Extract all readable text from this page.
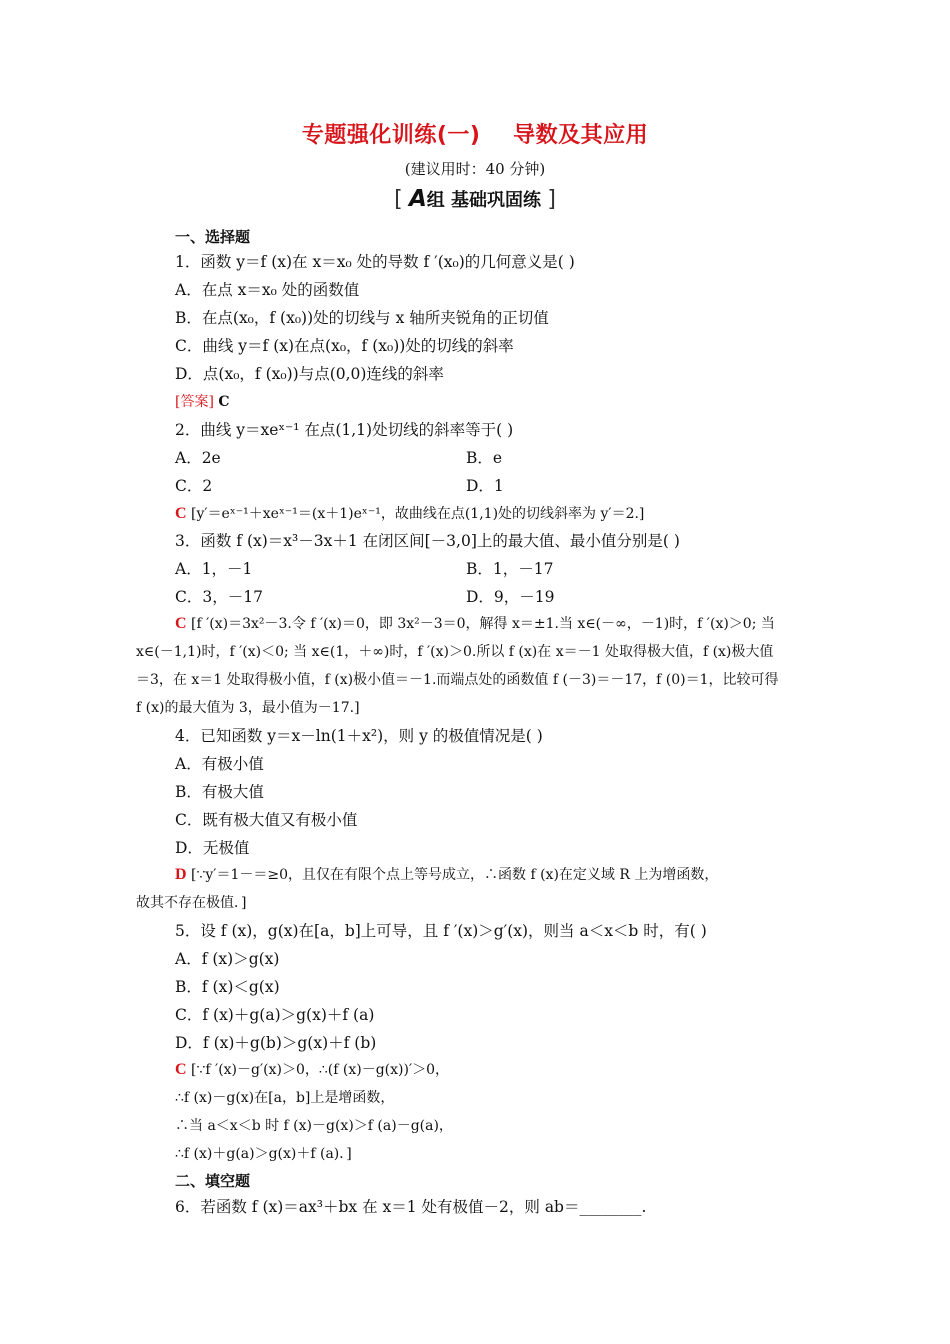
专题强化训练(一)    导数及其应用
(建议用时：40 分钟)
[ A组 基础巩固练 ]
一、选择题
1．函数 y＝f (x)在 x＝x₀ 处的导数 f ′(x₀)的几何意义是( )
A．在点 x＝x₀ 处的函数值
B．在点(x₀，f (x₀))处的切线与 x 轴所夹锐角的正切值
C．曲线 y＝f (x)在点(x₀，f (x₀))处的切线的斜率
D．点(x₀，f (x₀))与点(0,0)连线的斜率
2．曲线 y＝xeˣ⁻¹ 在点(1,1)处切线的斜率等于( )
A．2e	B．e
C．2	D．1
3．函数 f (x)＝x³－3x＋1 在闭区间[－3,0]上的最大值、最小值分别是( )
A．1，－1	B．1，－17
C．3，－17	D．9，－19
x∈(－1,1)时，f ′(x)＜0; 当 x∈(1，＋∞)时，f ′(x)＞0.所以 f (x)在 x＝－1 处取得极大值，f (x)极大值
＝3，在 x＝1 处取得极小值，f (x)极小值＝－1.而端点处的函数值 f (－3)＝－17，f (0)＝1，比较可得
f (x)的最大值为 3，最小值为－17.]
4．已知函数 y＝x－ln(1＋x²)，则 y 的极值情况是( )
A．有极小值
B．有极大值
C．既有极大值又有极小值
D．无极值
故其不存在极值．]
5．设 f (x)，g(x)在[a，b]上可导，且 f ′(x)＞g′(x)，则当 a＜x＜b 时，有( )
A．f (x)＞g(x)
B．f (x)＜g(x)
C．f (x)＋g(a)＞g(x)＋f (a)
D．f (x)＋g(b)＞g(x)＋f (b)
∴f (x)－g(x)在[a，b]上是增函数，
∴当 a＜x＜b 时 f (x)－g(x)＞f (a)－g(a)，
∴f (x)＋g(a)＞g(x)＋f (a)．]
二、填空题
6．若函数 f (x)＝ax³＋bx 在 x＝1 处有极值－2，则 ab＝________.
[答案] C
C [y′＝eˣ⁻¹＋xeˣ⁻¹＝(x＋1)eˣ⁻¹，故曲线在点(1,1)处的切线斜率为 y′＝2.]
C [f ′(x)＝3x²－3.令 f ′(x)＝0，即 3x²－3＝0，解得 x＝±1.当 x∈(－∞，－1)时，f ′(x)＞0; 当
D [∵y′＝1－＝≥0，且仅在有限个点上等号成立，∴函数 f (x)在定义域 R 上为增函数，
C [∵f ′(x)－g′(x)＞0，∴(f (x)－g(x))′＞0，
